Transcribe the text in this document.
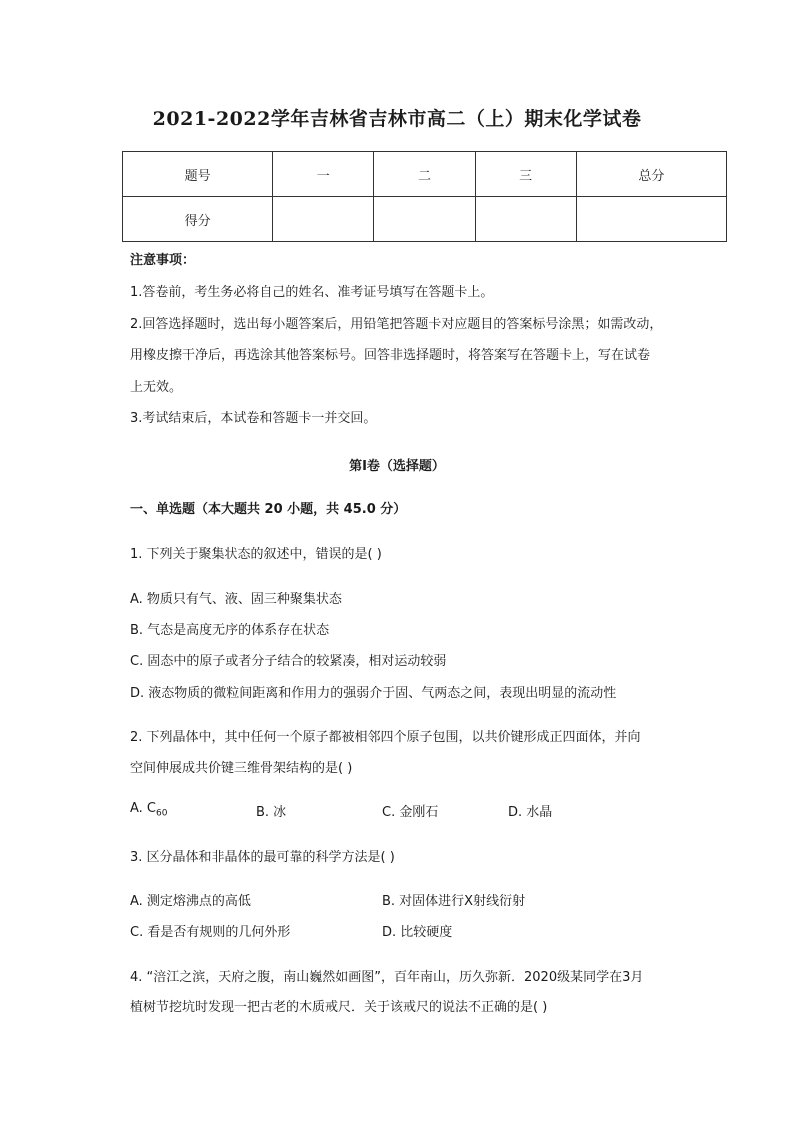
2021-2022学年吉林省吉林市高二（上）期末化学试卷
题号	一	二	三	总分
得分				
注意事项：
1.答卷前，考生务必将自己的姓名、准考证号填写在答题卡上。
2.回答选择题时，选出每小题答案后，用铅笔把答题卡对应题目的答案标号涂黑；如需改动，
用橡皮擦干净后，再选涂其他答案标号。回答非选择题时，将答案写在答题卡上，写在试卷
上无效。
3.考试结束后，本试卷和答题卡一并交回。
第I卷（选择题）
一、单选题（本大题共 20 小题，共 45.0 分）
1. 下列关于聚集状态的叙述中，错误的是( )
A. 物质只有气、液、固三种聚集状态
B. 气态是高度无序的体系存在状态
C. 固态中的原子或者分子结合的较紧凑，相对运动较弱
D. 液态物质的微粒间距离和作用力的强弱介于固、气两态之间，表现出明显的流动性
2. 下列晶体中，其中任何一个原子都被相邻四个原子包围，以共价键形成正四面体，并向
空间伸展成共价键三维骨架结构的是( )
A. $C_{60}$	B. 冰	C. 金刚石	D. 水晶
3. 区分晶体和非晶体的最可靠的科学方法是( )
A. 测定熔沸点的高低	B. 对固体进行X射线衍射
C. 看是否有规则的几何外形	D. 比较硬度
4. “涪江之滨，天府之腹，南山巍然如画图”，百年南山，历久弥新．2020级某同学在3月
植树节挖坑时发现一把古老的木质戒尺．关于该戒尺的说法不正确的是( )
